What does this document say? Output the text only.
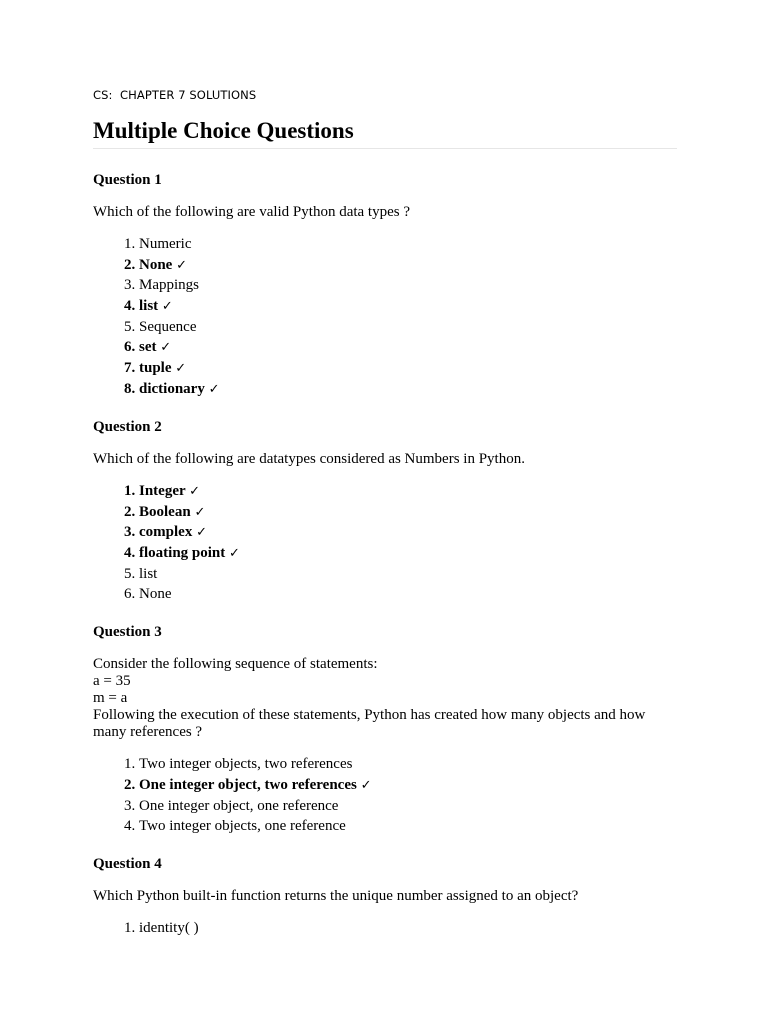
CS:  CHAPTER 7 SOLUTIONS
Multiple Choice Questions

Question 1

Which of the following are valid Python data types ?

1. Numeric
2. None ✓
3. Mappings
4. list ✓
5. Sequence
6. set ✓
7. tuple ✓
8. dictionary ✓

Question 2

Which of the following are datatypes considered as Numbers in Python.

1. Integer ✓
2. Boolean ✓
3. complex ✓
4. floating point ✓
5. list
6. None

Question 3

Consider the following sequence of statements:
a = 35
m = a
Following the execution of these statements, Python has created how many objects and how many references ?

1. Two integer objects, two references
2. One integer object, two references ✓
3. One integer object, one reference
4. Two integer objects, one reference

Question 4

Which Python built-in function returns the unique number assigned to an object?

1. identity( )
